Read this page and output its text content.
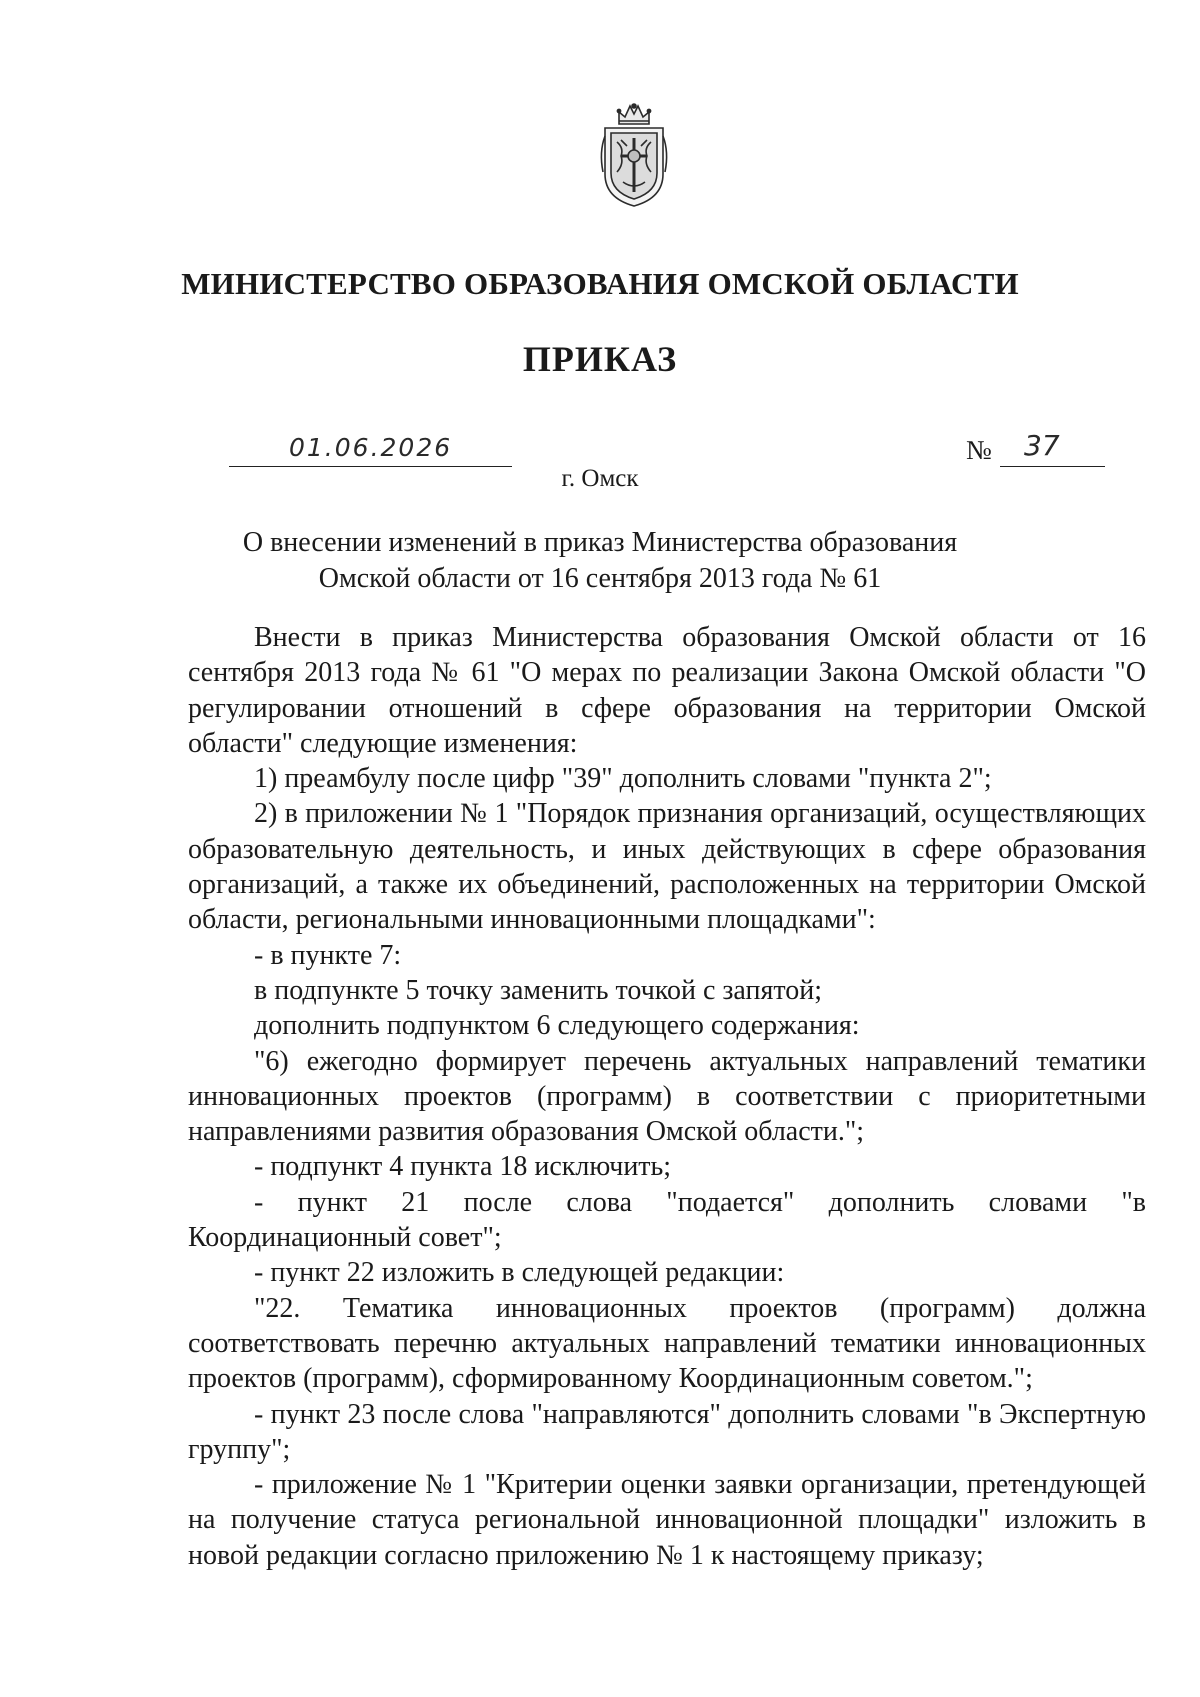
МИНИСТЕРСТВО ОБРАЗОВАНИЯ ОМСКОЙ ОБЛАСТИ
ПРИКАЗ
01.06.2026	№ 37
г. Омск
О внесении изменений в приказ Министерства образования
Омской области от 16 сентября 2013 года № 61

Внести в приказ Министерства образования Омской области от 16 сентября 2013 года № 61 "О мерах по реализации Закона Омской области "О регулировании отношений в сфере образования на территории Омской области" следующие изменения:

1) преамбулу после цифр "39" дополнить словами "пункта 2";

2) в приложении № 1 "Порядок признания организаций, осуществляющих образовательную деятельность, и иных действующих в сфере образования организаций, а также их объединений, расположенных на территории Омской области, региональными инновационными площадками":

- в пункте 7:

в подпункте 5 точку заменить точкой с запятой;

дополнить подпунктом 6 следующего содержания:

"6) ежегодно формирует перечень актуальных направлений тематики инновационных проектов (программ) в соответствии с приоритетными направлениями развития образования Омской области.";

- подпункт 4 пункта 18 исключить;

- пункт 21 после слова "подается" дополнить словами "в Координационный совет";

- пункт 22 изложить в следующей редакции:

"22. Тематика инновационных проектов (программ) должна соответствовать перечню актуальных направлений тематики инновационных проектов (программ), сформированному Координационным советом.";

- пункт 23 после слова "направляются" дополнить словами "в Экспертную группу";

- приложение № 1 "Критерии оценки заявки организации, претендующей на получение статуса региональной инновационной площадки" изложить в новой редакции согласно приложению № 1 к настоящему приказу;
